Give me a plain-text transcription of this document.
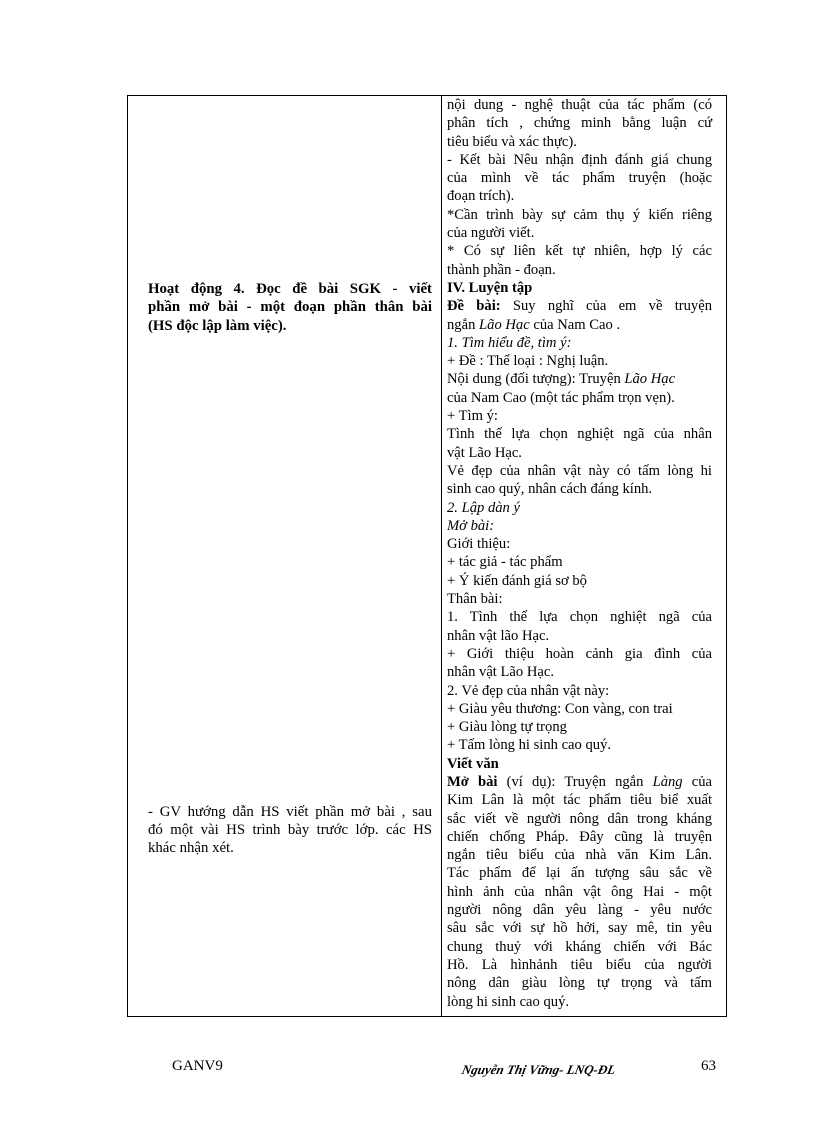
Hoạt động 4. Đọc đề bài SGK - viết
phần mở bài - một đoạn phần thân bài
(HS độc lập làm việc).
- GV hướng dẫn HS viết phần mở bài , sau
đó một vài HS trình bày trước lớp. các HS
khác nhận xét.
nội dung - nghệ thuật của tác phẩm (có
phân tích , chứng minh bằng luận cứ
tiêu biểu và xác thực).
- Kết bài Nêu nhận định đánh giá chung
của mình về tác phẩm truyện (hoặc
đoạn trích).
*Cần trình bày sự cảm thụ ý kiến riêng
của người viết.
* Có sự liên kết tự nhiên, hợp lý các
thành phần - đoạn.
IV. Luyện tập
Đề bài: Suy nghĩ của em về truyện
ngắn Lão Hạc của Nam Cao .
1. Tìm hiểu đề, tìm ý:
+ Đề : Thể loại : Nghị luận.
Nội dung (đối tượng): Truyện Lão Hạc
của Nam Cao (một tác phẩm trọn vẹn).
+ Tìm ý:
Tình thế lựa chọn nghiệt ngã của nhân
vật Lão Hạc.
Vẻ đẹp của nhân vật này có tấm lòng hi
sinh cao quý, nhân cách đáng kính.
2. Lập dàn ý
Mở bài:
Giới thiệu:
+ tác giả - tác phẩm
+ Ý kiến đánh giá sơ bộ
Thân bài:
1. Tình thế lựa chọn nghiệt ngã của
nhân vật lão Hạc.
+ Giới thiệu hoàn cảnh gia đình của
nhân vật Lão Hạc.
2. Vẻ đẹp của nhân vật này:
+ Giàu yêu thương: Con vàng, con trai
+ Giàu lòng tự trọng
+ Tấm lòng hi sinh cao quý.
Viết văn
Mở bài (ví dụ): Truyện ngắn Làng của
Kim Lân là một tác phẩm tiêu biể xuất
sắc viết về người nông dân trong kháng
chiến chống Pháp. Đây cũng là truyện
ngắn tiêu biểu của nhà văn Kim Lân.
Tác phẩm để lại ấn tượng sâu sắc về
hình ảnh của nhân vật ông Hai - một
người nông dân yêu làng - yêu nước
sâu sắc với sự hồ hởi, say mê, tin yêu
chung thuỷ với kháng chiến với Bác
Hồ. Là hìnhảnh tiêu biểu của người
nông dân giàu lòng tự trọng và tấm
lòng hi sinh cao quý.
GANV9	Nguyễn Thị Vững- LNQ-ĐL	63
